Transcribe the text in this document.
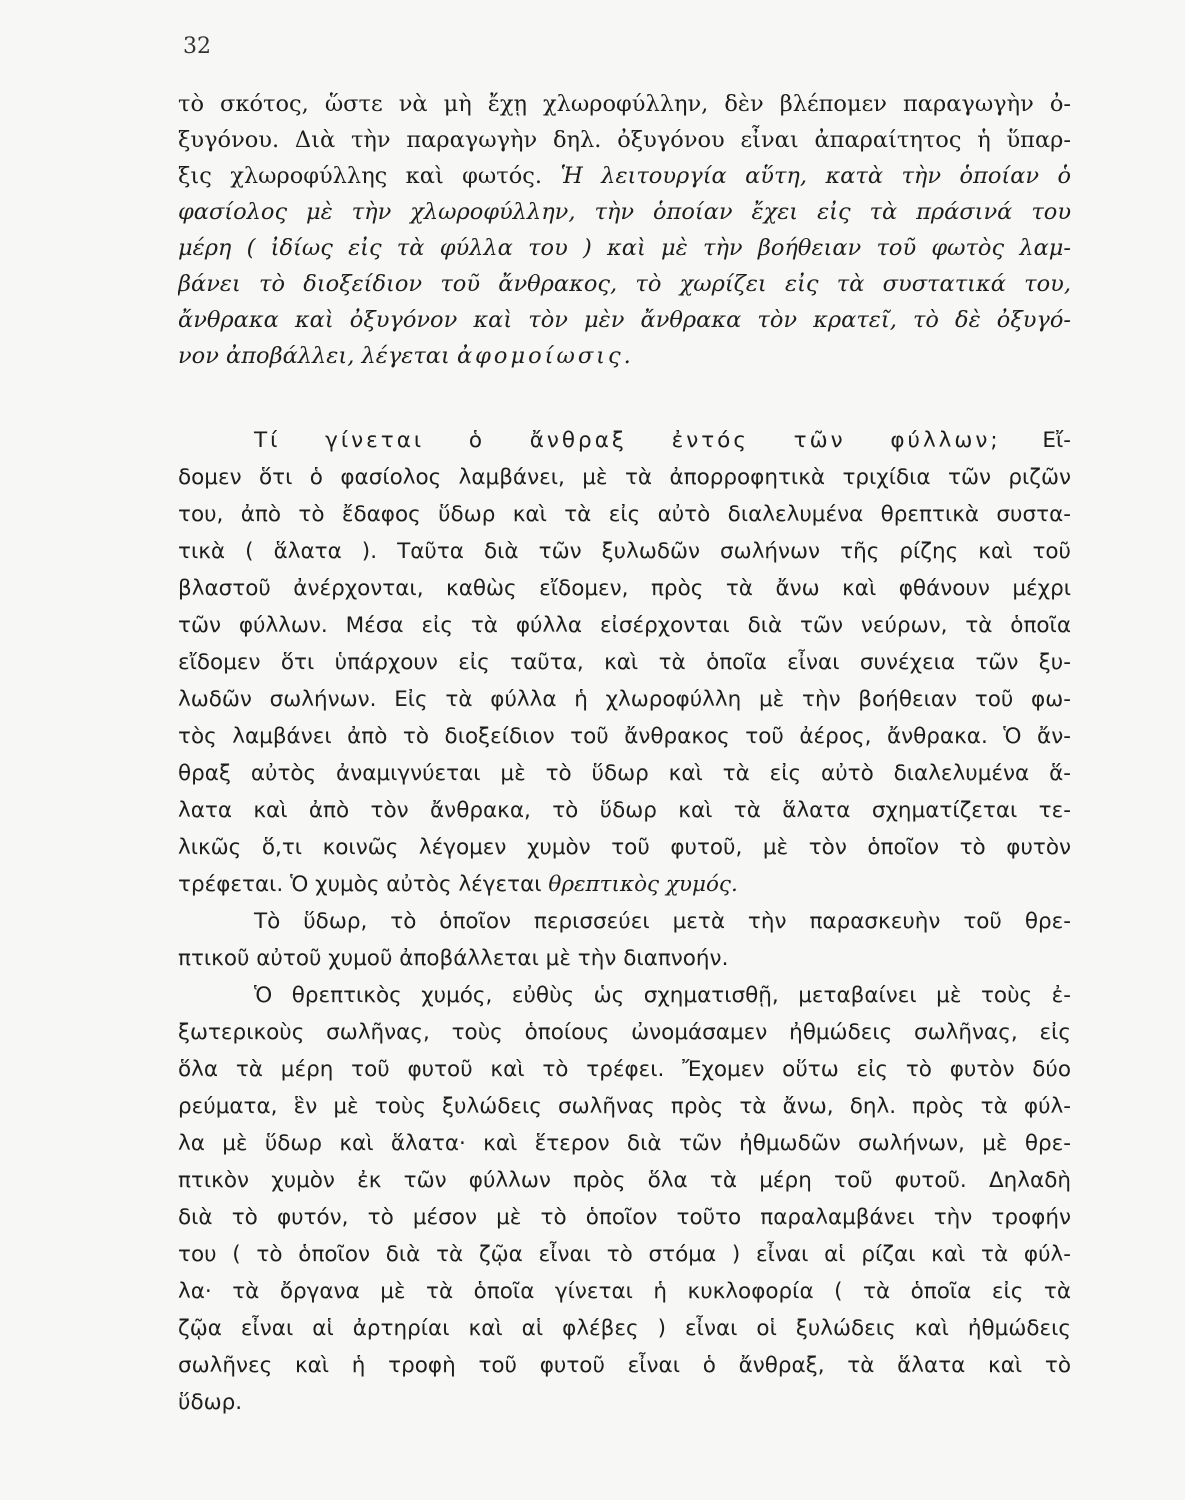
32
τὸ σκότος, ὥστε νὰ μὴ ἔχῃ χλωροφύλλην, δὲν βλέπομεν παραγωγὴν ὀ-
ξυγόνου. Διὰ τὴν παραγωγὴν δηλ. ὀξυγόνου εἶναι ἀπαραίτητος ἡ ὕπαρ-
ξις χλωροφύλλης καὶ φωτός. Ἡ λειτουργία αὕτη, κατὰ τὴν ὁποίαν ὁ
φασίολος μὲ τὴν χλωροφύλλην, τὴν ὁποίαν ἔχει εἰς τὰ πράσινά του
μέρη ( ἰδίως εἰς τὰ φύλλα του ) καὶ μὲ τὴν βοήθειαν τοῦ φωτὸς λαμ-
βάνει τὸ διοξείδιον τοῦ ἄνθρακος, τὸ χωρίζει εἰς τὰ συστατικά του,
ἄνθρακα καὶ ὀξυγόνον καὶ τὸν μὲν ἄνθρακα τὸν κρατεῖ, τὸ δὲ ὀξυγό-
νον ἀποβάλλει, λέγεται ἀφομοίωσις.
Τί γίνεται ὁ ἄνθραξ ἐντός τῶν φύλλων; Εἴ-
δομεν ὅτι ὁ φασίολος λαμβάνει, μὲ τὰ ἀπορροφητικὰ τριχίδια τῶν ριζῶν
του, ἀπὸ τὸ ἔδαφος ὕδωρ καὶ τὰ εἰς αὐτὸ διαλελυμένα θρεπτικὰ συστα-
τικὰ ( ἅλατα ). Ταῦτα διὰ τῶν ξυλωδῶν σωλήνων τῆς ρίζης καὶ τοῦ
βλαστοῦ ἀνέρχονται, καθὼς εἴδομεν, πρὸς τὰ ἄνω καὶ φθάνουν μέχρι
τῶν φύλλων. Μέσα εἰς τὰ φύλλα εἰσέρχονται διὰ τῶν νεύρων, τὰ ὁποῖα
εἴδομεν ὅτι ὑπάρχουν εἰς ταῦτα, καὶ τὰ ὁποῖα εἶναι συνέχεια τῶν ξυ-
λωδῶν σωλήνων. Εἰς τὰ φύλλα ἡ χλωροφύλλη μὲ τὴν βοήθειαν τοῦ φω-
τὸς λαμβάνει ἀπὸ τὸ διοξείδιον τοῦ ἄνθρακος τοῦ ἀέρος, ἄνθρακα. Ὁ ἄν-
θραξ αὐτὸς ἀναμιγνύεται μὲ τὸ ὕδωρ καὶ τὰ εἰς αὐτὸ διαλελυμένα ἅ-
λατα καὶ ἀπὸ τὸν ἄνθρακα, τὸ ὕδωρ καὶ τὰ ἅλατα σχηματίζεται τε-
λικῶς ὅ,τι κοινῶς λέγομεν χυμὸν τοῦ φυτοῦ, μὲ τὸν ὁποῖον τὸ φυτὸν
τρέφεται. Ὁ χυμὸς αὐτὸς λέγεται θρεπτικὸς χυμός.
Τὸ ὕδωρ, τὸ ὁποῖον περισσεύει μετὰ τὴν παρασκευὴν τοῦ θρε-
πτικοῦ αὐτοῦ χυμοῦ ἀποβάλλεται μὲ τὴν διαπνοήν.
Ὁ θρεπτικὸς χυμός, εὐθὺς ὡς σχηματισθῇ, μεταβαίνει μὲ τοὺς ἐ-
ξωτερικοὺς σωλῆνας, τοὺς ὁποίους ὠνομάσαμεν ἠθμώδεις σωλῆνας, εἰς
ὅλα τὰ μέρη τοῦ φυτοῦ καὶ τὸ τρέφει. Ἔχομεν οὕτω εἰς τὸ φυτὸν δύο
ρεύματα, ἓν μὲ τοὺς ξυλώδεις σωλῆνας πρὸς τὰ ἄνω, δηλ. πρὸς τὰ φύλ-
λα μὲ ὕδωρ καὶ ἅλατα· καὶ ἕτερον διὰ τῶν ἠθμωδῶν σωλήνων, μὲ θρε-
πτικὸν χυμὸν ἐκ τῶν φύλλων πρὸς ὅλα τὰ μέρη τοῦ φυτοῦ. Δηλαδὴ
διὰ τὸ φυτόν, τὸ μέσον μὲ τὸ ὁποῖον τοῦτο παραλαμβάνει τὴν τροφήν
του ( τὸ ὁποῖον διὰ τὰ ζῷα εἶναι τὸ στόμα ) εἶναι αἱ ρίζαι καὶ τὰ φύλ-
λα· τὰ ὄργανα μὲ τὰ ὁποῖα γίνεται ἡ κυκλοφορία ( τὰ ὁποῖα εἰς τὰ
ζῷα εἶναι αἱ ἀρτηρίαι καὶ αἱ φλέβες ) εἶναι οἱ ξυλώδεις καὶ ἠθμώδεις
σωλῆνες καὶ ἡ τροφὴ τοῦ φυτοῦ εἶναι ὁ ἄνθραξ, τὰ ἅλατα καὶ τὸ
ὕδωρ.
